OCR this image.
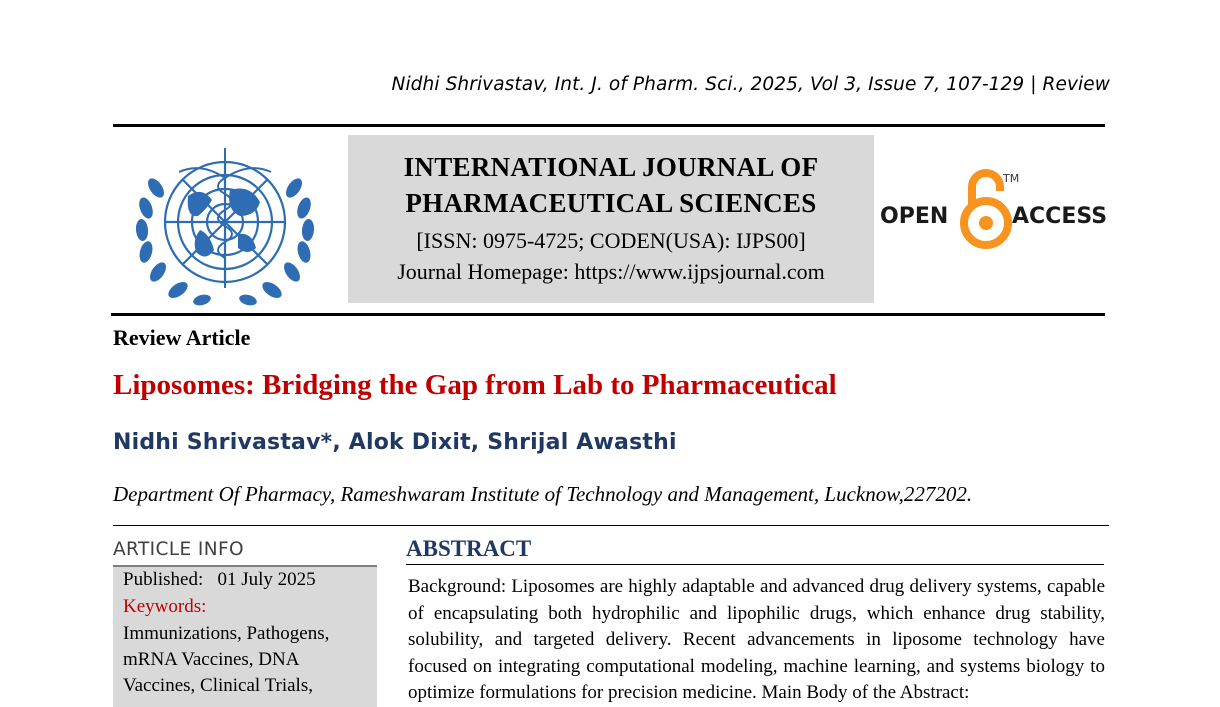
Nidhi Shrivastav, Int. J. of Pharm. Sci., 2025, Vol 3, Issue 7, 107-129 | Review
INTERNATIONAL JOURNAL OF
PHARMACEUTICAL SCIENCES
[ISSN: 0975-4725; CODEN(USA): IJPS00]
Journal Homepage: https://www.ijpsjournal.com
OPEN	ACCESS
TM
Review Article
Liposomes: Bridging the Gap from Lab to Pharmaceutical
Nidhi Shrivastav*, Alok Dixit, Shrijal Awasthi
Department Of Pharmacy, Rameshwaram Institute of Technology and Management, Lucknow,227202.
ARTICLE INFO
Published: 01 July 2025
Keywords:
Immunizations, Pathogens,
mRNA Vaccines, DNA
Vaccines, Clinical Trials,
ABSTRACT
Background: Liposomes are highly adaptable and advanced drug delivery systems, capable of encapsulating both hydrophilic and lipophilic drugs, which enhance drug stability, solubility, and targeted delivery. Recent advancements in liposome technology have focused on integrating computational modeling, machine learning, and systems biology to optimize formulations for precision medicine. Main Body of the Abstract:
